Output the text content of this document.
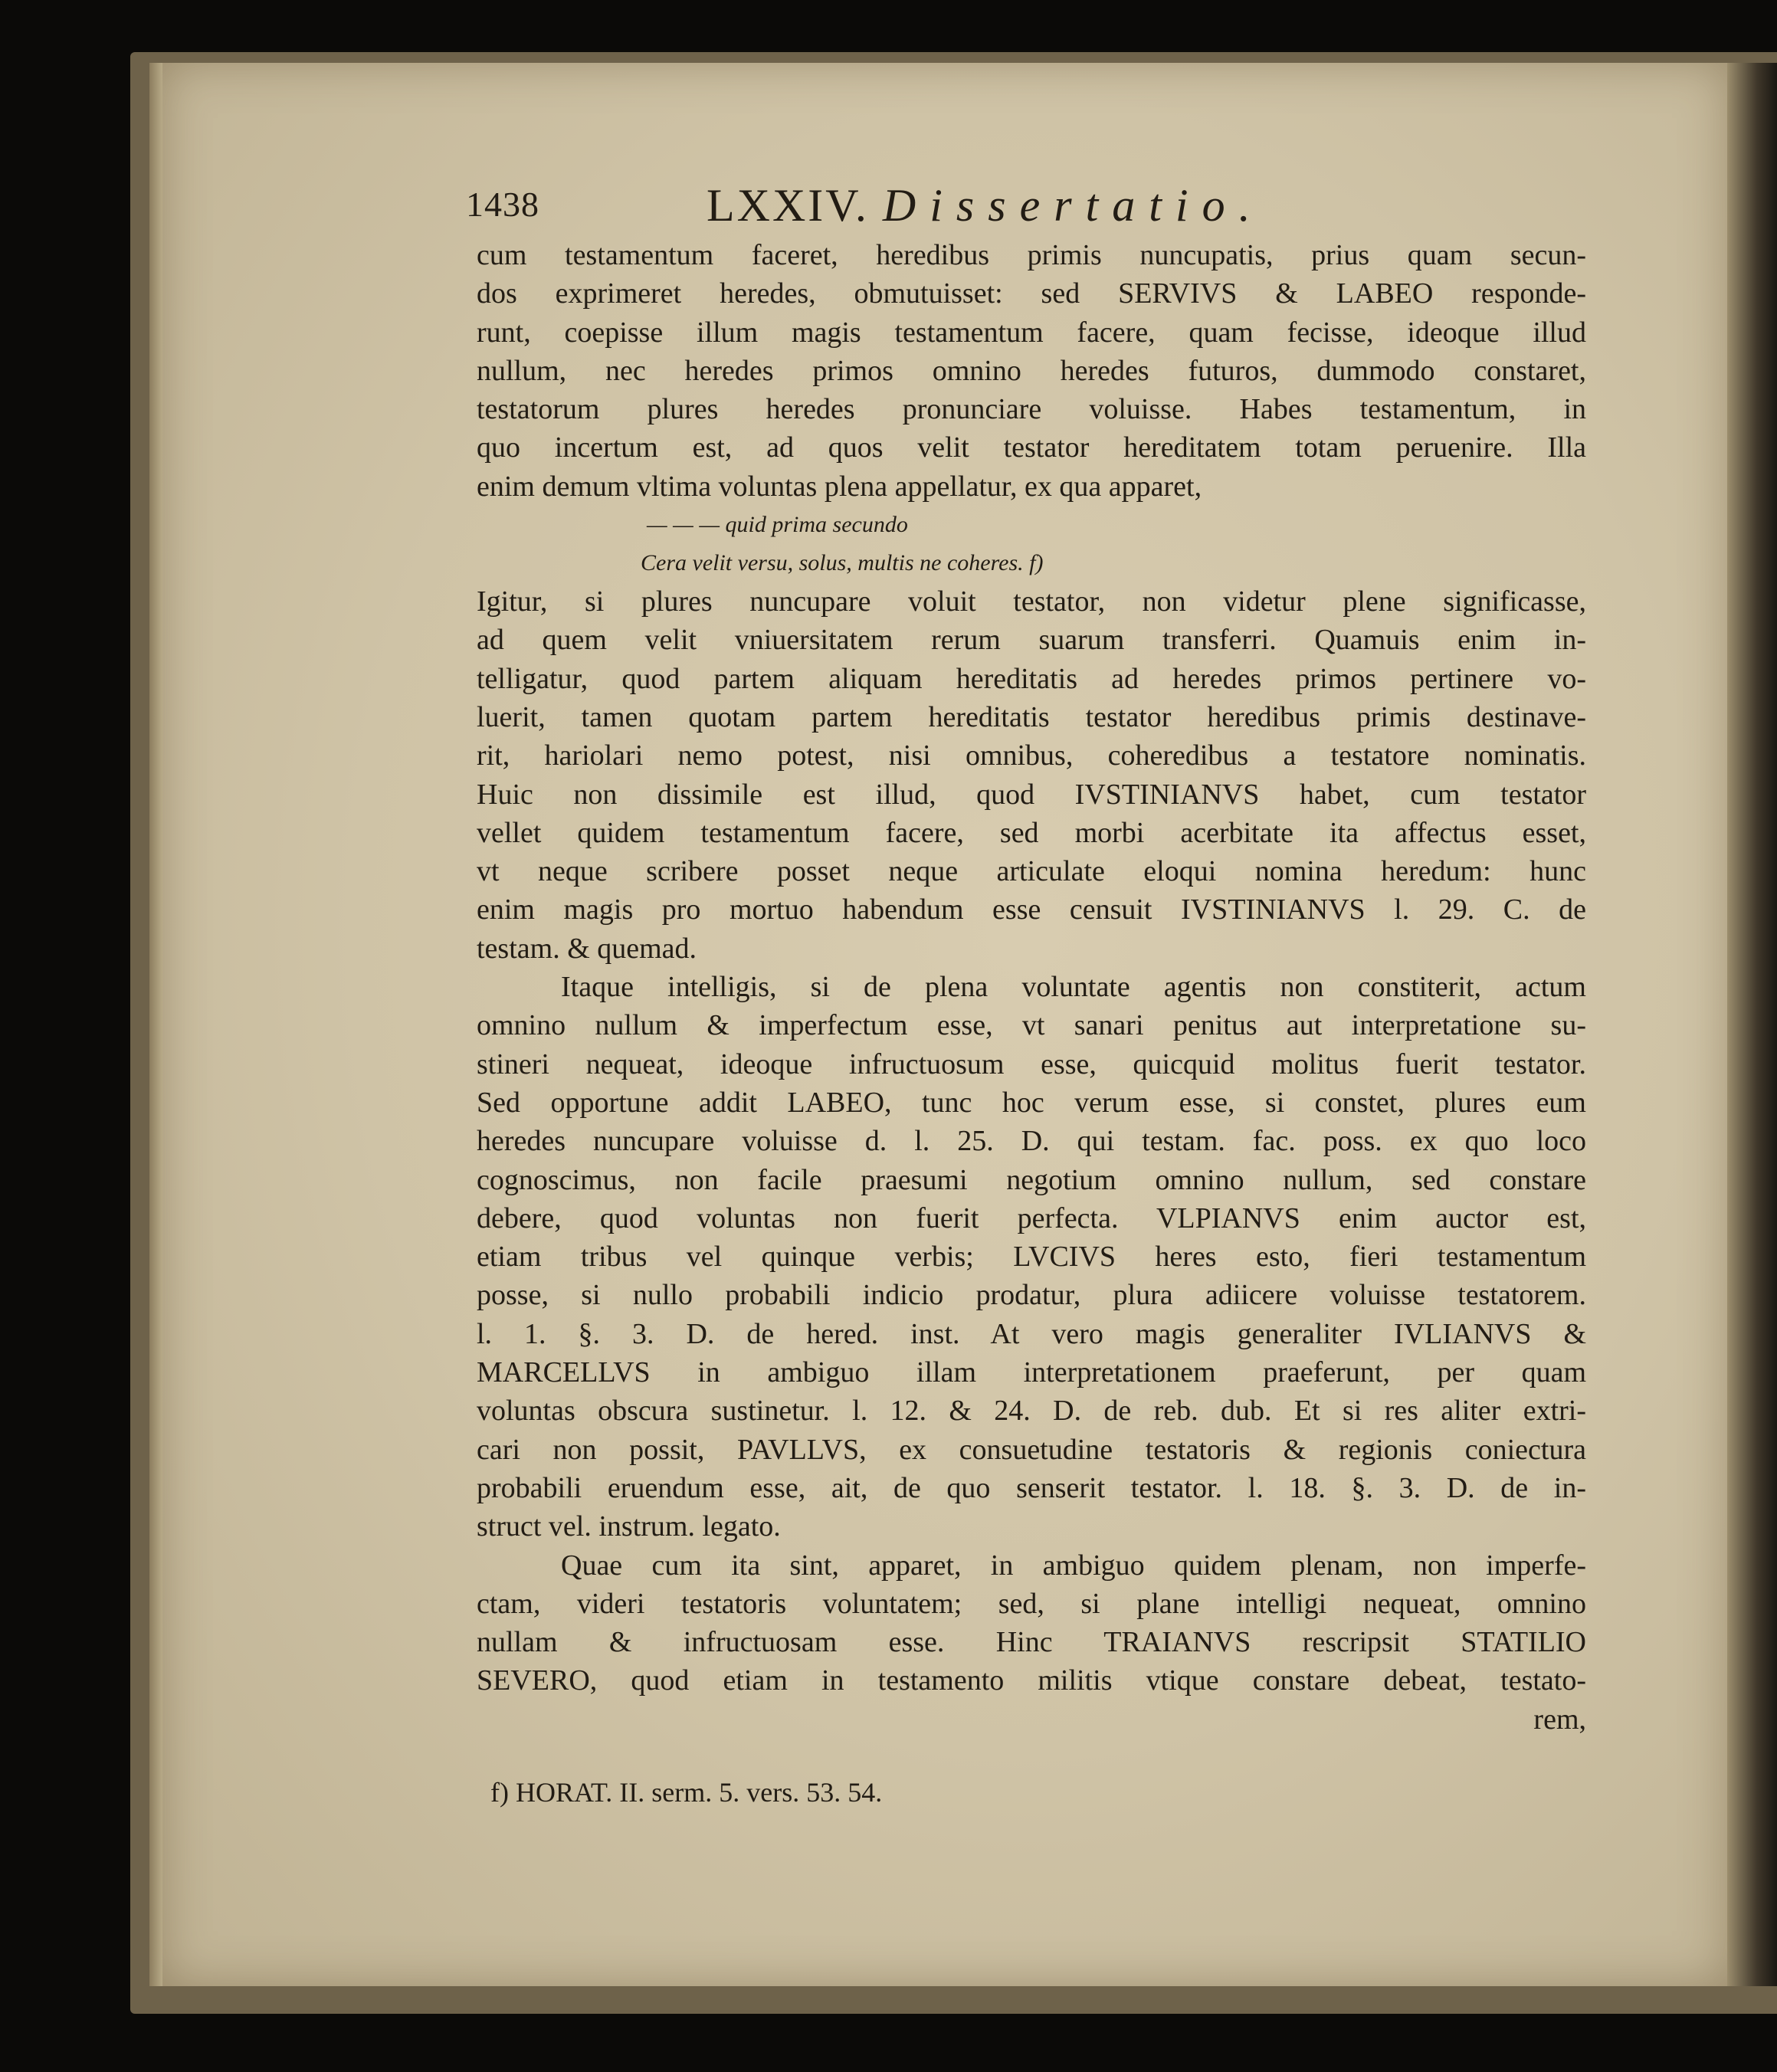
1438	LXXIV. Dissertatio.
cum testamentum faceret, heredibus primis nuncupatis, prius quam secun-
dos exprimeret heredes, obmutuisset: sed SERVIVS & LABEO responde-
runt, coepisse illum magis testamentum facere, quam fecisse, ideoque illud
nullum, nec heredes primos omnino heredes futuros, dummodo constaret,
testatorum plures heredes pronunciare voluisse. Habes testamentum, in
quo incertum est, ad quos velit testator hereditatem totam peruenire. Illa
enim demum vltima voluntas plena appellatur, ex qua apparet,
— — — quid prima secundo
Cera velit versu, solus, multis ne coheres. f)
Igitur, si plures nuncupare voluit testator, non videtur plene significasse,
ad quem velit vniuersitatem rerum suarum transferri. Quamuis enim in-
telligatur, quod partem aliquam hereditatis ad heredes primos pertinere vo-
luerit, tamen quotam partem hereditatis testator heredibus primis destinave-
rit, hariolari nemo potest, nisi omnibus, coheredibus a testatore nominatis.
Huic non dissimile est illud, quod IVSTINIANVS habet, cum testator
vellet quidem testamentum facere, sed morbi acerbitate ita affectus esset,
vt neque scribere posset neque articulate eloqui nomina heredum: hunc
enim magis pro mortuo habendum esse censuit IVSTINIANVS l. 29. C. de
testam. & quemad.
Itaque intelligis, si de plena voluntate agentis non constiterit, actum
omnino nullum & imperfectum esse, vt sanari penitus aut interpretatione su-
stineri nequeat, ideoque infructuosum esse, quicquid molitus fuerit testator.
Sed opportune addit LABEO, tunc hoc verum esse, si constet, plures eum
heredes nuncupare voluisse d. l. 25. D. qui testam. fac. poss. ex quo loco
cognoscimus, non facile praesumi negotium omnino nullum, sed constare
debere, quod voluntas non fuerit perfecta. VLPIANVS enim auctor est,
etiam tribus vel quinque verbis; LVCIVS heres esto, fieri testamentum
posse, si nullo probabili indicio prodatur, plura adiicere voluisse testatorem.
l. 1. §. 3. D. de hered. inst. At vero magis generaliter IVLIANVS &
MARCELLVS in ambiguo illam interpretationem praeferunt, per quam
voluntas obscura sustinetur. l. 12. & 24. D. de reb. dub. Et si res aliter extri-
cari non possit, PAVLLVS, ex consuetudine testatoris & regionis coniectura
probabili eruendum esse, ait, de quo senserit testator. l. 18. §. 3. D. de in-
struct vel. instrum. legato.
Quae cum ita sint, apparet, in ambiguo quidem plenam, non imperfe-
ctam, videri testatoris voluntatem; sed, si plane intelligi nequeat, omnino
nullam & infructuosam esse. Hinc TRAIANVS rescripsit STATILIO
SEVERO, quod etiam in testamento militis vtique constare debeat, testato-
rem,
f) HORAT. II. serm. 5. vers. 53. 54.
